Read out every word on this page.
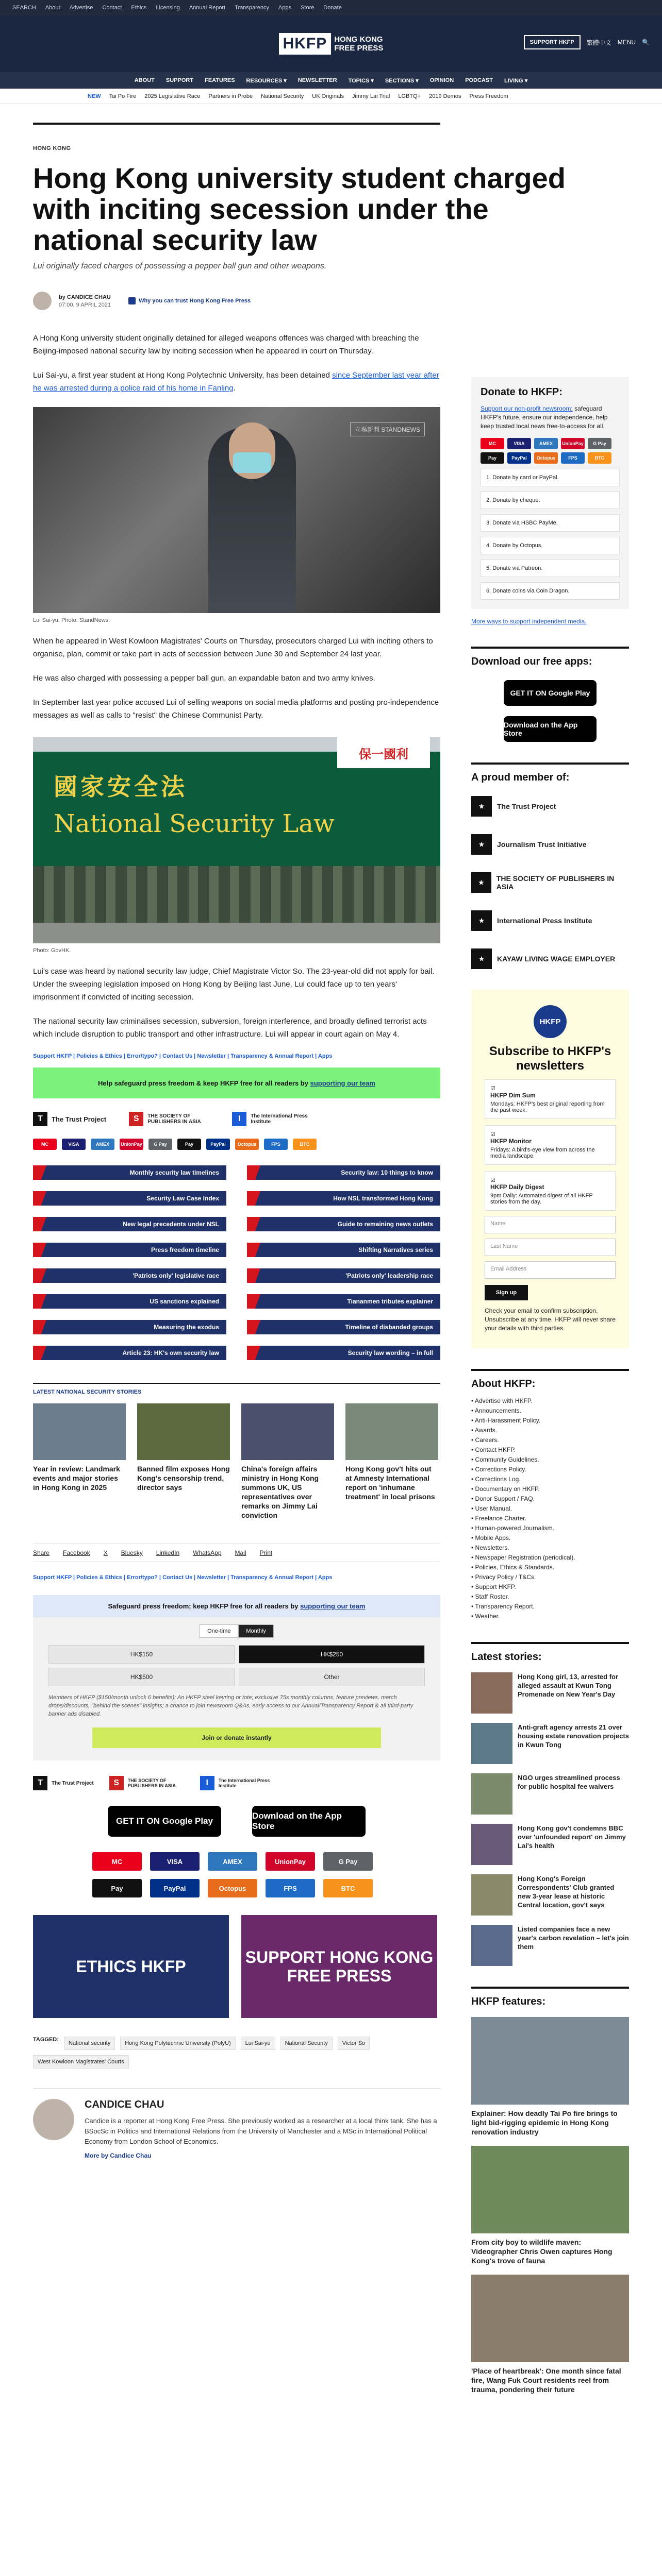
SEARCH About Advertise Contact Ethics Licensing Annual Report Transparency Apps Store Donate
HKFP HONG KONG
FREE PRESS
SUPPORT HKFP	繁體中文 MENU 🔍
ABOUT SUPPORT FEATURES RESOURCES ▾ NEWSLETTER TOPICS ▾ SECTIONS ▾ OPINION PODCAST LIVING ▾
NEW Tai Po Fire 2025 Legislative Race Partners in Probe National Security UK Originals Jimmy Lai Trial LGBTQ+ 2019 Demos Press Freedom
HONG KONG
Hong Kong university student charged with inciting secession under the national security law
Lui originally faced charges of possessing a pepper ball gun and other weapons.
by CANDICE CHAU
07:00, 9 APRIL 2021
Why you can trust Hong Kong Free Press

A Hong Kong university student originally detained for alleged weapons offences was charged with breaching the Beijing-imposed national security law by inciting secession when he appeared in court on Thursday.

Lui Sai-yu, a first year student at Hong Kong Polytechnic University, has been detained since September last year after he was arrested during a police raid of his home in Fanling.

立場新聞 STANDNEWS
Lui Sai-yu. Photo: StandNews.

When he appeared in West Kowloon Magistrates' Courts on Thursday, prosecutors charged Lui with inciting others to organise, plan, commit or take part in acts of secession between June 30 and September 24 last year.

He was also charged with possessing a pepper ball gun, an expandable baton and two army knives.

In September last year police accused Lui of selling weapons on social media platforms and posting pro-independence messages as well as calls to "resist" the Chinese Communist Party.

國家安全法
National Security Law
保一國利
Photo: GovHK.

Lui's case was heard by national security law judge, Chief Magistrate Victor So. The 23-year-old did not apply for bail. Under the sweeping legislation imposed on Hong Kong by Beijing last June, Lui could face up to ten years' imprisonment if convicted of inciting secession.

The national security law criminalises secession, subversion, foreign interference, and broadly defined terrorist acts which include disruption to public transport and other infrastructure. Lui will appear in court again on May 4.

Support HKFP | Policies & Ethics | Error/typo? | Contact Us | Newsletter | Transparency & Annual Report | Apps
Help safeguard press freedom & keep HKFP free for all readers by supporting our team
T	The Trust Project	S	THE SOCIETY OF PUBLISHERS IN ASIA	I	The International Press Institute
MC	VISA	AMEX	UnionPay	G Pay	Pay	PayPal	Octopus	FPS	BTC
Monthly security law timelines	Security law: 10 things to know
Security Law Case Index	How NSL transformed Hong Kong
New legal precedents under NSL	Guide to remaining news outlets
Press freedom timeline	Shifting Narratives series
'Patriots only' legislative race	'Patriots only' leadership race
US sanctions explained	Tiananmen tributes explainer
Measuring the exodus	Timeline of disbanded groups
Article 23: HK's own security law	Security law wording – in full
LATEST NATIONAL SECURITY STORIES
Year in review: Landmark events and major stories in Hong Kong in 2025
Banned film exposes Hong Kong's censorship trend, director says
China's foreign affairs ministry in Hong Kong summons UK, US representatives over remarks on Jimmy Lai conviction
Hong Kong gov't hits out at Amnesty International report on 'inhumane treatment' in local prisons
Share Facebook X Bluesky LinkedIn WhatsApp Mail Print
Support HKFP | Policies & Ethics | Error/typo? | Contact Us | Newsletter | Transparency & Annual Report | Apps
Safeguard press freedom; keep HKFP free for all readers by supporting our team
One-time	Monthly
HK$150	HK$250
HK$500	Other
Members of HKFP ($150/month unlock 6 benefits): An HKFP steel keyring or tote; exclusive 75s monthly columns, feature previews, merch drops/discounts, "behind the scenes" insights; a chance to join newsroom Q&As, early access to our Annual/Transparency Report & all third-party banner ads disabled.
Join or donate instantly
T	The Trust Project	S	THE SOCIETY OF PUBLISHERS IN ASIA	I	The International Press Institute
GET IT ON Google Play
Download on the App Store
MC	VISA	AMEX	UnionPay	G Pay
Pay	PayPal	Octopus	FPS	BTC
ETHICS HKFP	SUPPORT HONG KONG FREE PRESS
TAGGED:
National security	Hong Kong Polytechnic University (PolyU)	Lui Sai-yu	National Security	Victor So
West Kowloon Magistrates' Courts
CANDICE CHAU

Candice is a reporter at Hong Kong Free Press. She previously worked as a researcher at a local think tank. She has a BSocSc in Politics and International Relations from the University of Manchester and a MSc in International Political Economy from London School of Economics.

More by Candice Chau
Donate to HKFP:
Support our non-profit newsroom: safeguard HKFP's future, ensure our independence, help keep trusted local news free-to-access for all.
MC	VISA	AMEX	UnionPay	G Pay
Pay	PayPal	Octopus	FPS	BTC
1. Donate by card or PayPal.
2. Donate by cheque.
3. Donate via HSBC PayMe.
4. Donate by Octopus.
5. Donate via Patreon.
6. Donate coins via Coin Dragon.
More ways to support independent media.
Download our free apps:
GET IT ON Google Play
Download on the App Store
A proud member of:
★	The Trust Project
★	Journalism Trust Initiative
★	THE SOCIETY OF PUBLISHERS IN ASIA
★	International Press Institute
★	KAYAW LIVING WAGE EMPLOYER
HKFP
Subscribe to HKFP's newsletters
☑
HKFP Dim Sum
Mondays: HKFP's best original reporting from the past week.
☑
HKFP Monitor
Fridays: A bird's-eye view from across the media landscape.
☑
HKFP Daily Digest
9pm Daily: Automated digest of all HKFP stories from the day.
Name
Last Name
Email Address
Sign up
Check your email to confirm subscription. Unsubscribe at any time. HKFP will never share your details with third parties.
About HKFP:
• Advertise with HKFP.
• Announcements.
• Anti-Harassment Policy.
• Awards.
• Careers.
• Contact HKFP.
• Community Guidelines.
• Corrections Policy.
• Corrections Log.
• Documentary on HKFP.
• Donor Support / FAQ.
• User Manual.
• Freelance Charter.
• Human-powered Journalism.
• Mobile Apps.
• Newsletters.
• Newspaper Registration (periodical).
• Policies, Ethics & Standards.
• Privacy Policy / T&Cs.
• Support HKFP.
• Staff Roster.
• Transparency Report.
• Weather.
Latest stories:
Hong Kong girl, 13, arrested for alleged assault at Kwun Tong Promenade on New Year's Day
Anti-graft agency arrests 21 over housing estate renovation projects in Kwun Tong
NGO urges streamlined process for public hospital fee waivers
Hong Kong gov't condemns BBC over 'unfounded report' on Jimmy Lai's health
Hong Kong's Foreign Correspondents' Club granted new 3-year lease at historic Central location, gov't says
Listed companies face a new year's carbon revelation – let's join them
HKFP features:
Explainer: How deadly Tai Po fire brings to light bid-rigging epidemic in Hong Kong renovation industry
From city boy to wildlife maven: Videographer Chris Owen captures Hong Kong's trove of fauna
'Place of heartbreak': One month since fatal fire, Wang Fuk Court residents reel from trauma, pondering their future
